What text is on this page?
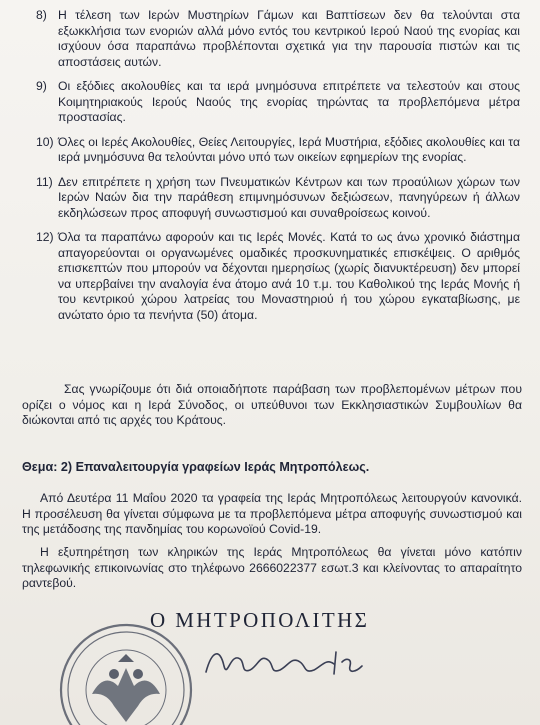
8) Η τέλεση των Ιερών Μυστηρίων Γάμων και Βαπτίσεων δεν θα τελούνται στα εξωκκλήσια των ενοριών αλλά μόνο εντός του κεντρικού Ιερού Ναού της ενορίας και ισχύουν όσα παραπάνω προβλέπονται σχετικά για την παρουσία πιστών και τις αποστάσεις αυτών.
9) Οι εξόδιες ακολουθίες και τα ιερά μνημόσυνα επιτρέπετε να τελεστούν και στους Κοιμητηριακούς Ιερούς Ναούς της ενορίας τηρώντας τα προβλεπόμενα μέτρα προστασίας.
10) Όλες οι Ιερές Ακολουθίες, Θείες Λειτουργίες, Ιερά Μυστήρια, εξόδιες ακολουθίες και τα ιερά μνημόσυνα θα τελούνται μόνο υπό των οικείων εφημερίων της ενορίας.
11) Δεν επιτρέπετε η χρήση των Πνευματικών Κέντρων και των προαύλιων χώρων των Ιερών Ναών δια την παράθεση επιμνημόσυνων δεξιώσεων, πανηγύρεων ή άλλων εκδηλώσεων προς αποφυγή συνωστισμού και συναθροίσεως κοινού.
12) Όλα τα παραπάνω αφορούν και τις Ιερές Μονές. Κατά το ως άνω χρονικό διάστημα απαγορεύονται οι οργανωμένες ομαδικές προσκυνηματικές επισκέψεις. Ο αριθμός επισκεπτών που μπορούν να δέχονται ημερησίως (χωρίς διανυκτέρευση) δεν μπορεί να υπερβαίνει την αναλογία ένα άτομο ανά 10 τ.μ. του Καθολικού της Ιεράς Μονής ή του κεντρικού χώρου λατρείας του Μοναστηριού ή του χώρου εγκαταβίωσης, με ανώτατο όριο τα πενήντα (50) άτομα.
Σας γνωρίζουμε ότι διά οποιαδήποτε παράβαση των προβλεπομένων μέτρων που ορίζει ο νόμος και η Ιερά Σύνοδος, οι υπεύθυνοι των Εκκλησιαστικών Συμβουλίων θα διώκονται από τις αρχές του Κράτους.
Θεμα: 2) Επαναλειτουργία γραφείων Ιεράς Μητροπόλεως.
Από Δευτέρα 11 Μαΐου 2020 τα γραφεία της Ιεράς Μητροπόλεως λειτουργούν κανονικά. Η προσέλευση θα γίνεται σύμφωνα με τα προβλεπόμενα μέτρα αποφυγής συνωστισμού και της μετάδοσης της πανδημίας του κορωνοϊού Covid-19.
Η εξυπηρέτηση των κληρικών της Ιεράς Μητροπόλεως θα γίνεται μόνο κατόπιν τηλεφωνικής επικοινωνίας στο τηλέφωνο 2666022377 εσωτ.3 και κλείνοντας το απαραίτητο ραντεβού.
Ο ΜΗΤΡΟΠΟΛΙΤΗΣ
